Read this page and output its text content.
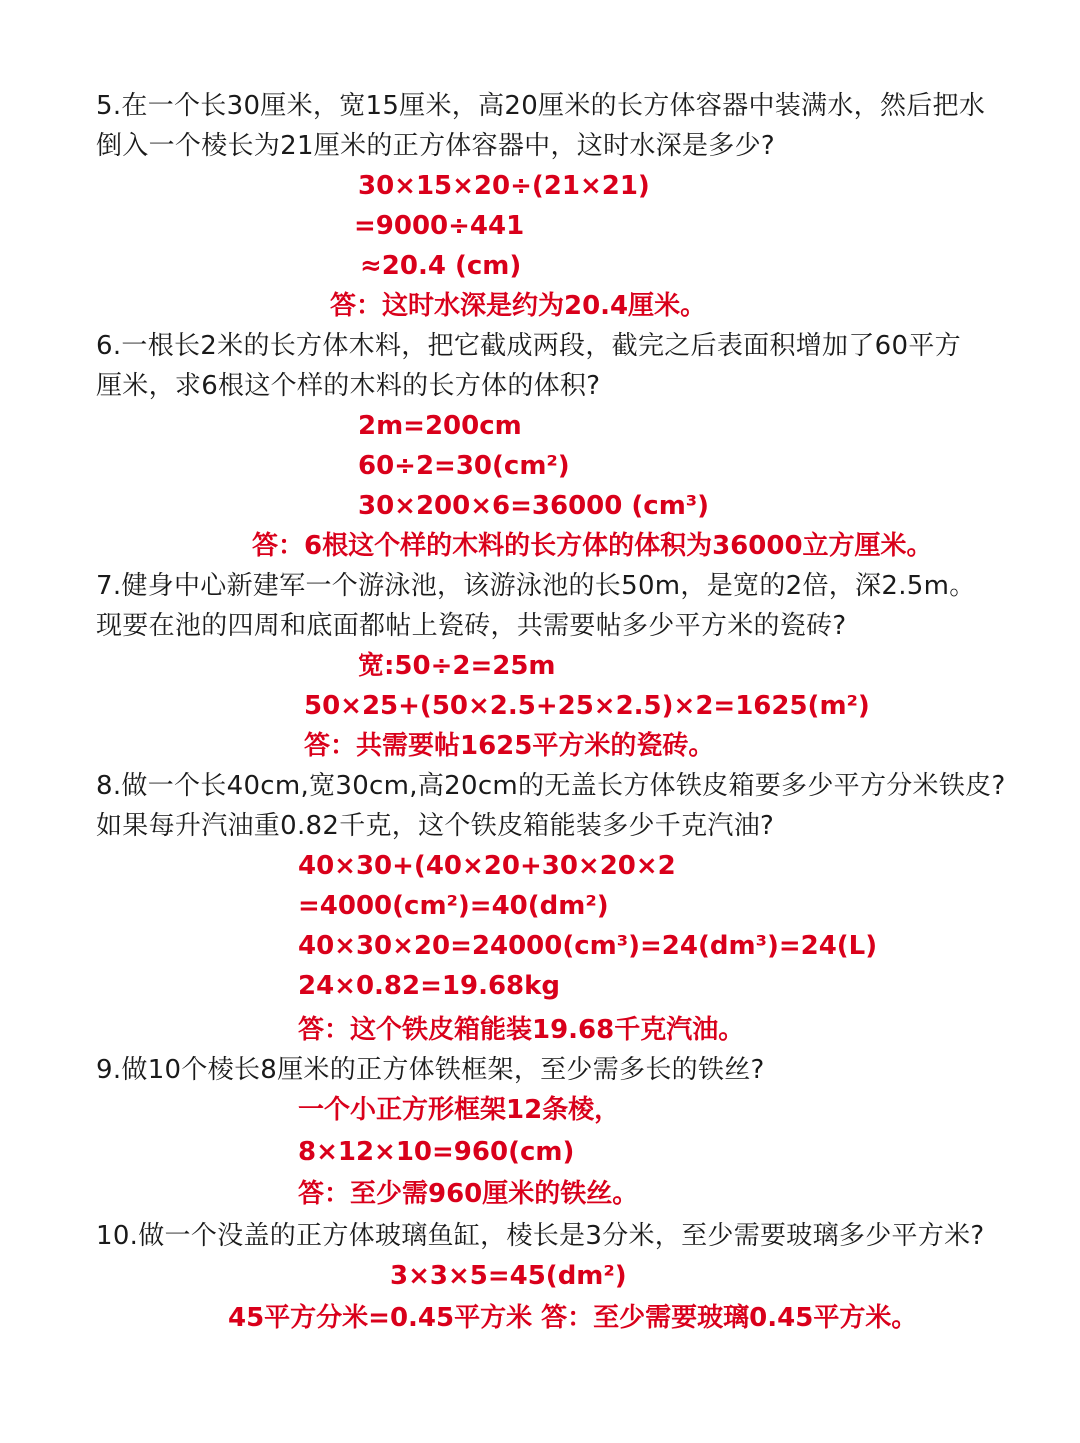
5.在一个长30厘米，宽15厘米，高20厘米的长方体容器中装满水，然后把水
倒入一个棱长为21厘米的正方体容器中，这时水深是多少?
30×15×20÷(21×21)
=9000÷441
≈20.4 (cm)
答：这时水深是约为20.4厘米。
6.一根长2米的长方体木料，把它截成两段，截完之后表面积增加了60平方
厘米，求6根这个样的木料的长方体的体积?
2m=200cm
60÷2=30(cm²)
30×200×6=36000 (cm³)
答：6根这个样的木料的长方体的体积为36000立方厘米。
7.健身中心新建军一个游泳池，该游泳池的长50m，是宽的2倍，深2.5m。
现要在池的四周和底面都帖上瓷砖，共需要帖多少平方米的瓷砖?
宽:50÷2=25m
50×25+(50×2.5+25×2.5)×2=1625(m²)
答：共需要帖1625平方米的瓷砖。
8.做一个长40cm,宽30cm,高20cm的无盖长方体铁皮箱要多少平方分米铁皮?
如果每升汽油重0.82千克，这个铁皮箱能装多少千克汽油?
40×30+(40×20+30×20×2
=4000(cm²)=40(dm²)
40×30×20=24000(cm³)=24(dm³)=24(L)
24×0.82=19.68kg
答：这个铁皮箱能装19.68千克汽油。
9.做10个棱长8厘米的正方体铁框架，至少需多长的铁丝?
一个小正方形框架12条棱，
8×12×10=960(cm)
答：至少需960厘米的铁丝。
10.做一个没盖的正方体玻璃鱼缸，棱长是3分米，至少需要玻璃多少平方米?
3×3×5=45(dm²)
45平方分米=0.45平方米 答：至少需要玻璃0.45平方米。
